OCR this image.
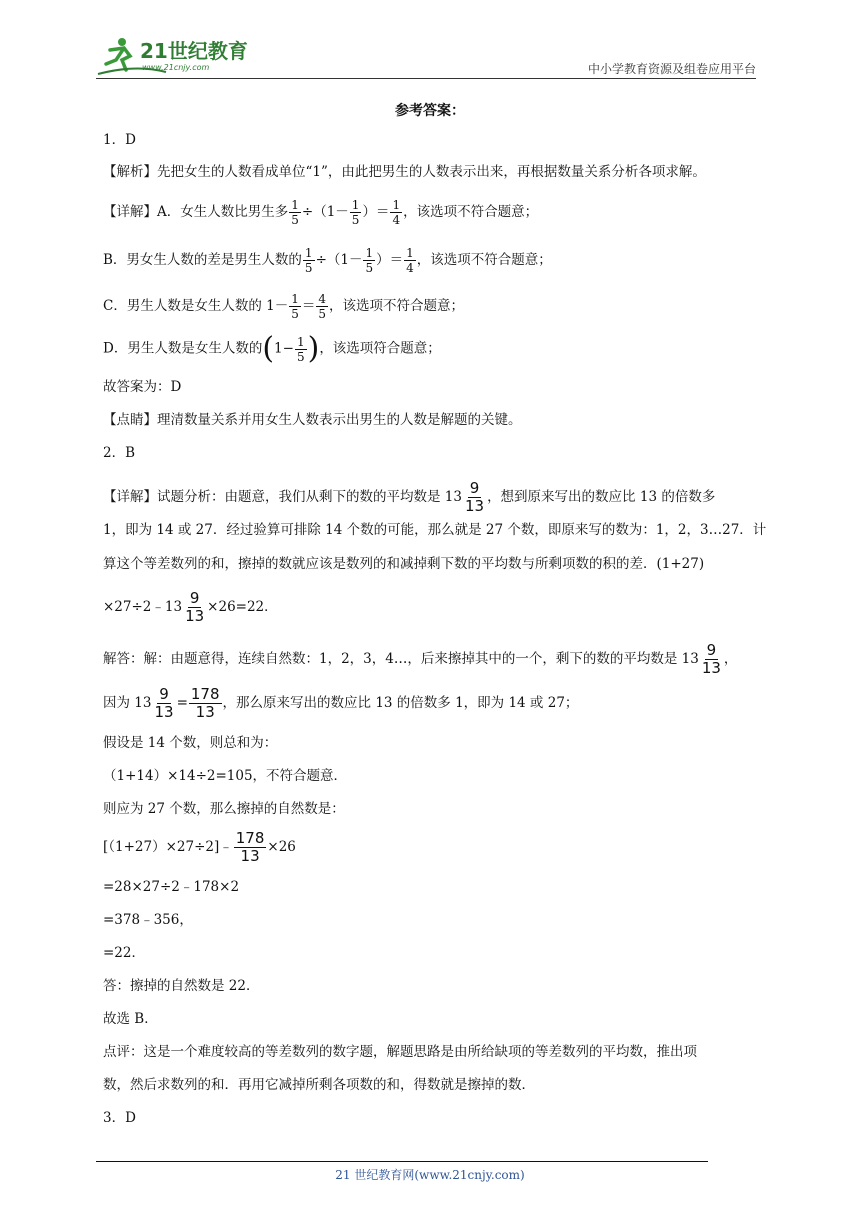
21世纪教育
www.21cnjy.com	中小学教育资源及组卷应用平台
参考答案：
1．D
【解析】先把女生的人数看成单位“1”，由此把男生的人数表示出来，再根据数量关系分析各项求解。
【详解】A．女生人数比男生多 $\frac{1}{5} \div(1- \frac{1}{5}$ ）＝ $\frac{1}{4}$ ，该选项不符合题意；
B．男女生人数的差是男生人数的 $\frac{1}{5} \div(1- \frac{1}{5}$ ）＝ $\frac{1}{4}$ ，该选项不符合题意；
C．男生人数是女生人数的 $1- \frac{1}{5} = \frac{4}{5}$ ，该选项不符合题意；
D．男生人数是女生人数的($1- \frac{1}{5}$ )，该选项符合题意；
故答案为：D
【点睛】理清数量关系并用女生人数表示出男生的人数是解题的关键。
2．B
【详解】试题分析：由题意，我们从剩下的数的平均数是 $13 \frac{9}{13}$ ，想到原来写出的数应比 13 的倍数多
1，即为 14 或 27．经过验算可排除 14 个数的可能，那么就是 27 个数，即原来写的数为：1，2，3…27．计
算这个等差数列的和，擦掉的数就应该是数列的和减掉剩下数的平均数与所剩项数的积的差．(1+27)
×27÷2﹣13 $\frac{9}{13} \times 26=22$．
解答：解：由题意得，连续自然数：1，2，3，4…，后来擦掉其中的一个，剩下的数的平均数是 $13 \frac{9}{13}$ ，
因为 $13 \frac{9}{13} = \frac{178}{13}$ ，那么原来写出的数应比 13 的倍数多 1，即为 14 或 27；
假设是 14 个数，则总和为：
（1+14）×14÷2=105，不符合题意．
则应为 27 个数，那么擦掉的自然数是：
[（1+27）×27÷2]﹣ $\frac{178}{13} \times 26$
=28×27÷2﹣178×2
=378﹣356，
=22．
答：擦掉的自然数是 22．
故选 B．
点评：这是一个难度较高的等差数列的数字题，解题思路是由所给缺项的等差数列的平均数，推出项
数，然后求数列的和．再用它减掉所剩各项数的和，得数就是擦掉的数．
3．D
21 世纪教育网(www.21cnjy.com)
